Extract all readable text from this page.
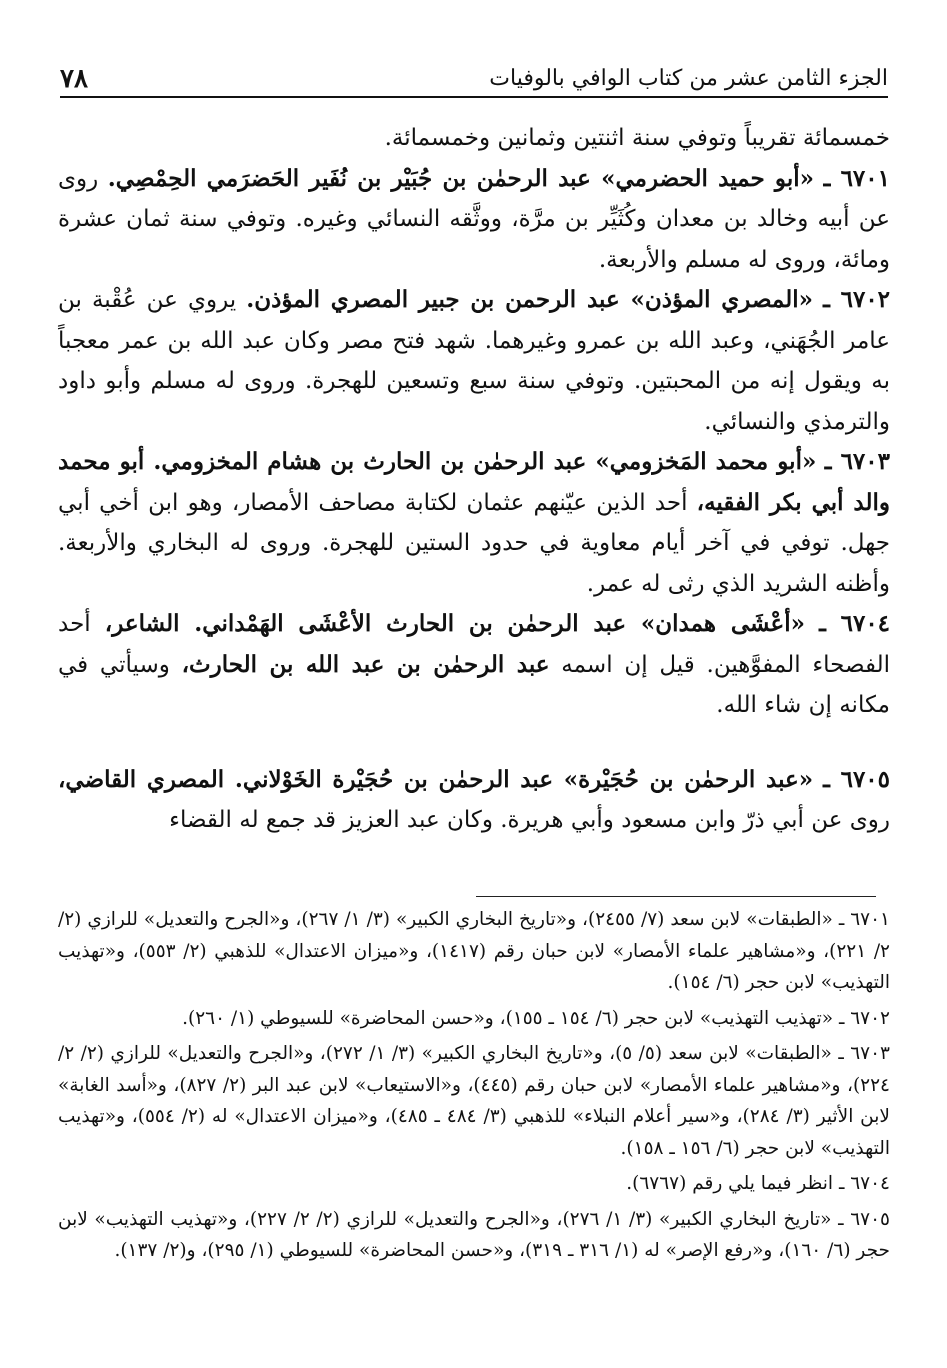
الجزء الثامن عشر من كتاب الوافي بالوفيات
٧٨

خمسمائة تقريباً وتوفي سنة اثنتين وثمانين وخمسمائة.

٦٧٠١ ـ «أبو حميد الحضرمي» عبد الرحمٰن بن جُبَيْر بن نُفَير الحَضرَمي الحِمْصِي. روى عن أبيه وخالد بن معدان وكُثَيِّر بن مرَّة، ووثَّقه النسائي وغيره. وتوفي سنة ثمان عشرة ومائة، وروى له مسلم والأربعة.

٦٧٠٢ ـ «المصري المؤذن» عبد الرحمن بن جبير المصري المؤذن. يروي عن عُقْبة بن عامر الجُهَني، وعبد الله بن عمرو وغيرهما. شهد فتح مصر وكان عبد الله بن عمر معجباً به ويقول إنه من المحبتين. وتوفي سنة سبع وتسعين للهجرة. وروى له مسلم وأبو داود والترمذي والنسائي.

٦٧٠٣ ـ «أبو محمد المَخزومي» عبد الرحمٰن بن الحارث بن هشام المخزومي. أبو محمد والد أبي بكر الفقيه، أحد الذين عيّنهم عثمان لكتابة مصاحف الأمصار، وهو ابن أخي أبي جهل. توفي في آخر أيام معاوية في حدود الستين للهجرة. وروى له البخاري والأربعة. وأظنه الشريد الذي رثى له عمر.

٦٧٠٤ ـ «أعْشَى همدان» عبد الرحمٰن بن الحارث الأعْشَى الهَمْداني. الشاعر، أحد الفصحاء المفوَّهين. قيل إن اسمه عبد الرحمٰن بن عبد الله بن الحارث، وسيأتي في مكانه إن شاء الله.

٦٧٠٥ ـ «عبد الرحمٰن بن حُجَيْرة» عبد الرحمٰن بن حُجَيْرة الخَوْلاني. المصري القاضي، روى عن أبي ذرّ وابن مسعود وأبي هريرة. وكان عبد العزيز قد جمع له القضاء

٦٧٠١ ـ «الطبقات» لابن سعد (٧/ ٢٤٥٥)، و«تاريخ البخاري الكبير» (٣/ ١/ ٢٦٧)، و«الجرح والتعديل» للرازي (٢/ ٢/ ٢٢١)، و«مشاهير علماء الأمصار» لابن حبان رقم (١٤١٧)، و«ميزان الاعتدال» للذهبي (٢/ ٥٥٣)، و«تهذيب التهذيب» لابن حجر (٦/ ١٥٤).

٦٧٠٢ ـ «تهذيب التهذيب» لابن حجر (٦/ ١٥٤ ـ ١٥٥)، و«حسن المحاضرة» للسيوطي (١/ ٢٦٠).

٦٧٠٣ ـ «الطبقات» لابن سعد (٥/ ٥)، و«تاريخ البخاري الكبير» (٣/ ١/ ٢٧٢)، و«الجرح والتعديل» للرازي (٢/ ٢/ ٢٢٤)، و«مشاهير علماء الأمصار» لابن حبان رقم (٤٤٥)، و«الاستيعاب» لابن عبد البر (٢/ ٨٢٧)، و«أسد الغابة» لابن الأثير (٣/ ٢٨٤)، و«سير أعلام النبلاء» للذهبي (٣/ ٤٨٤ ـ ٤٨٥)، و«ميزان الاعتدال» له (٢/ ٥٥٤)، و«تهذيب التهذيب» لابن حجر (٦/ ١٥٦ ـ ١٥٨).

٦٧٠٤ ـ انظر فيما يلي رقم (٦٧٦٧).

٦٧٠٥ ـ «تاريخ البخاري الكبير» (٣/ ١/ ٢٧٦)، و«الجرح والتعديل» للرازي (٢/ ٢/ ٢٢٧)، و«تهذيب التهذيب» لابن حجر (٦/ ١٦٠)، و«رفع الإصر» له (١/ ٣١٦ ـ ٣١٩)، و«حسن المحاضرة» للسيوطي (١/ ٢٩٥)، و(٢/ ١٣٧).
